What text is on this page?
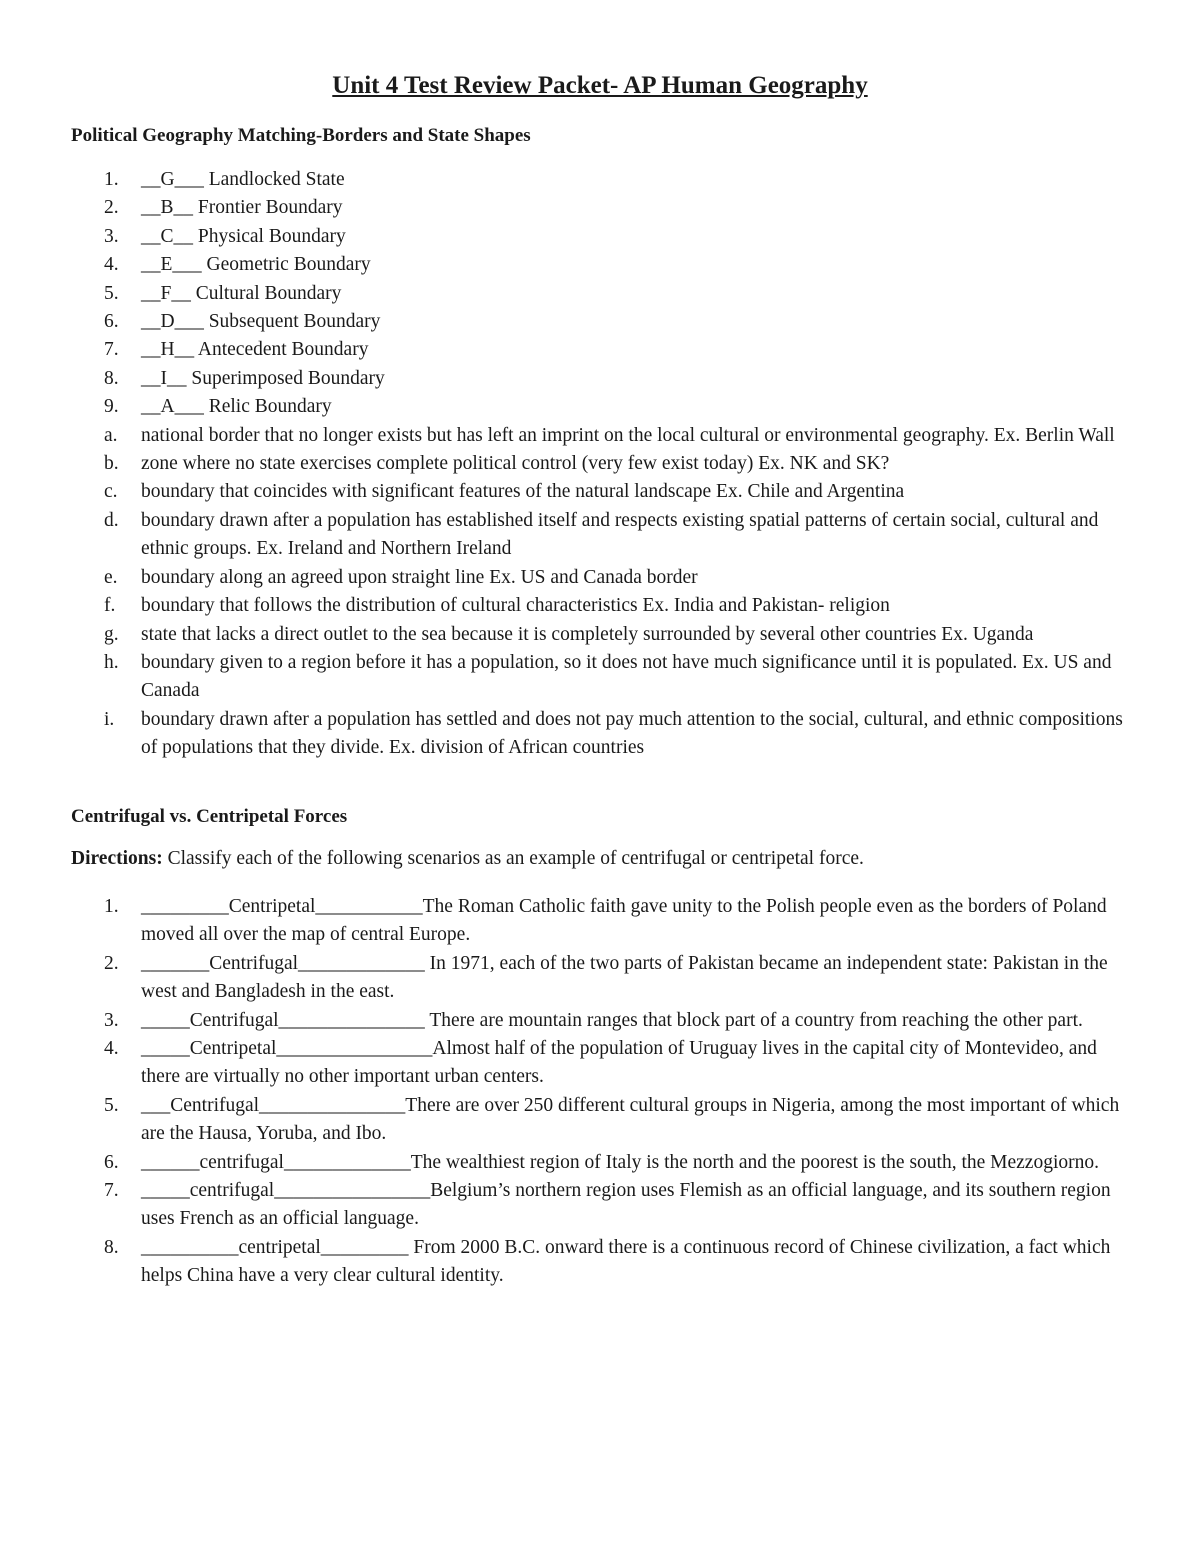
Unit 4 Test Review Packet- AP Human Geography
Political Geography Matching-Borders and State Shapes
1. __G___ Landlocked State
2. __B__ Frontier Boundary
3. __C__ Physical Boundary
4. __E___ Geometric Boundary
5. __F__ Cultural Boundary
6. __D___ Subsequent Boundary
7. __H__ Antecedent Boundary
8. __I__ Superimposed Boundary
9. __A___ Relic Boundary
a. national border that no longer exists but has left an imprint on the local cultural or environmental geography. Ex. Berlin Wall
b. zone where no state exercises complete political control (very few exist today) Ex. NK and SK?
c. boundary that coincides with significant features of the natural landscape Ex. Chile and Argentina
d. boundary drawn after a population has established itself and respects existing spatial patterns of certain social, cultural and ethnic groups. Ex. Ireland and Northern Ireland
e. boundary along an agreed upon straight line Ex. US and Canada border
f. boundary that follows the distribution of cultural characteristics Ex. India and Pakistan- religion
g. state that lacks a direct outlet to the sea because it is completely surrounded by several other countries Ex. Uganda
h. boundary given to a region before it has a population, so it does not have much significance until it is populated. Ex. US and Canada
i. boundary drawn after a population has settled and does not pay much attention to the social, cultural, and ethnic compositions of populations that they divide. Ex. division of African countries
Centrifugal vs. Centripetal Forces

Directions: Classify each of the following scenarios as an example of centrifugal or centripetal force.

1. _________Centripetal___________The Roman Catholic faith gave unity to the Polish people even as the borders of Poland moved all over the map of central Europe.
2. _______Centrifugal_____________ In 1971, each of the two parts of Pakistan became an independent state: Pakistan in the west and Bangladesh in the east.
3. _____Centrifugal_______________ There are mountain ranges that block part of a country from reaching the other part.
4. _____Centripetal________________Almost half of the population of Uruguay lives in the capital city of Montevideo, and there are virtually no other important urban centers.
5. ___Centrifugal_______________There are over 250 different cultural groups in Nigeria, among the most important of which are the Hausa, Yoruba, and Ibo.
6. ______centrifugal_____________The wealthiest region of Italy is the north and the poorest is the south, the Mezzogiorno.
7. _____centrifugal________________Belgium’s northern region uses Flemish as an official language, and its southern region uses French as an official language.
8. __________centripetal_________ From 2000 B.C. onward there is a continuous record of Chinese civilization, a fact which helps China have a very clear cultural identity.
